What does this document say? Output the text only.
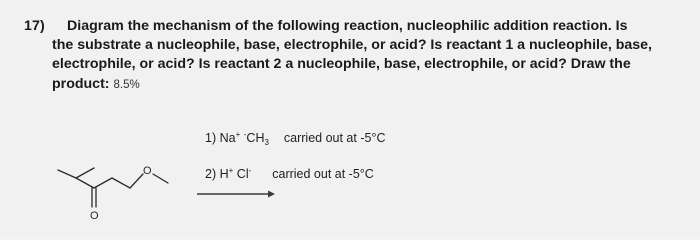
17) Diagram the mechanism of the following reaction, nucleophilic addition reaction. Is
the substrate a nucleophile, base, electrophile, or acid? Is reactant 1 a nucleophile, base,
electrophile, or acid? Is reactant 2 a nucleophile, base, electrophile, or acid? Draw the
product: 8.5%
O
O
1) Na+ $^-CH_3$ carried out at -5°C
2) H+ Cl- carried out at -5°C
